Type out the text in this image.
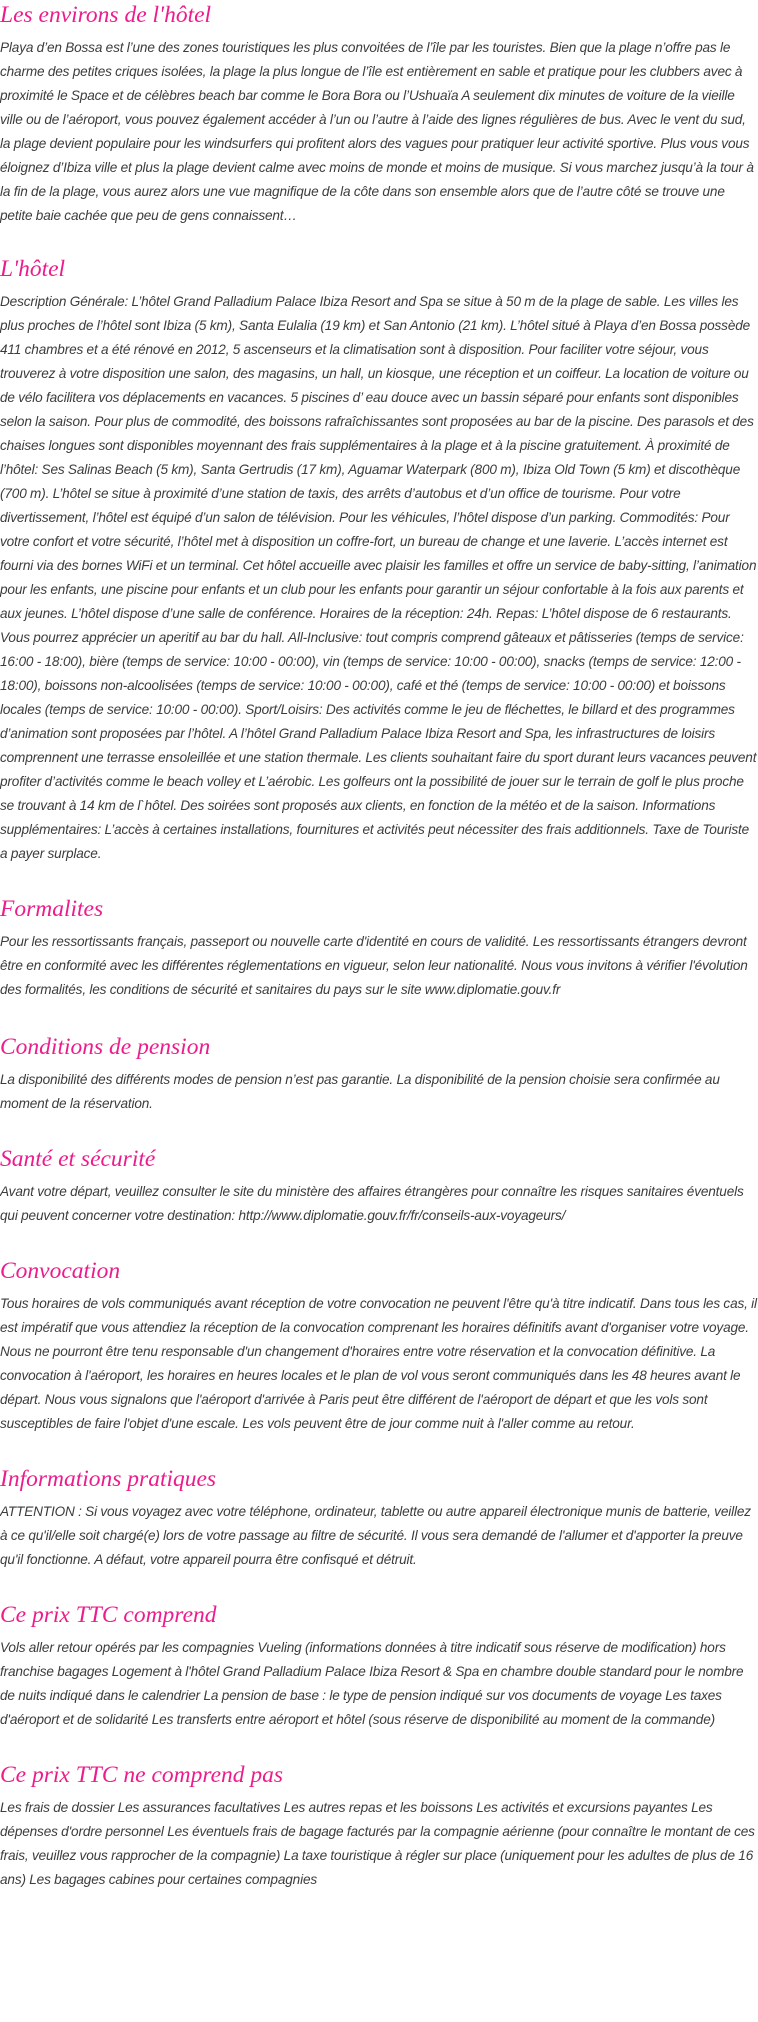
Les environs de l'hôtel

Playa d’en Bossa est l’une des zones touristiques les plus convoitées de l’île par les touristes. Bien que la plage n’offre pas le charme des petites criques isolées, la plage la plus longue de l’île est entièrement en sable et pratique pour les clubbers avec à proximité le Space et de célèbres beach bar comme le Bora Bora ou l’Ushuaïa A seulement dix minutes de voiture de la vieille ville ou de l’aéroport, vous pouvez également accéder à l’un ou l’autre à l’aide des lignes régulières de bus. Avec le vent du sud, la plage devient populaire pour les windsurfers qui profitent alors des vagues pour pratiquer leur activité sportive. Plus vous vous éloignez d’Ibiza ville et plus la plage devient calme avec moins de monde et moins de musique. Si vous marchez jusqu’à la tour à la fin de la plage, vous aurez alors une vue magnifique de la côte dans son ensemble alors que de l’autre côté se trouve une petite baie cachée que peu de gens connaissent…

L'hôtel

Description Générale: L’hôtel Grand Palladium Palace Ibiza Resort and Spa se situe à 50 m de la plage de sable. Les villes les plus proches de l’hôtel sont Ibiza (5 km), Santa Eulalia (19 km) et San Antonio (21 km). L’hôtel situé à Playa d’en Bossa possède 411 chambres et a été rénové en 2012, 5 ascenseurs et la climatisation sont à disposition. Pour faciliter votre séjour, vous trouverez à votre disposition une salon, des magasins, un hall, un kiosque, une réception et un coiffeur. La location de voiture ou de vélo facilitera vos déplacements en vacances. 5 piscines d’ eau douce avec un bassin séparé pour enfants sont disponibles selon la saison. Pour plus de commodité, des boissons rafraîchissantes sont proposées au bar de la piscine. Des parasols et des chaises longues sont disponibles moyennant des frais supplémentaires à la plage et à la piscine gratuitement. À proximité de l’hôtel: Ses Salinas Beach (5 km), Santa Gertrudis (17 km), Aguamar Waterpark (800 m), Ibiza Old Town (5 km) et discothèque (700 m). L’hôtel se situe à proximité d’une station de taxis, des arrêts d’autobus et d’un office de tourisme. Pour votre divertissement, l’hôtel est équipé d’un salon de télévision. Pour les véhicules, l’hôtel dispose d’un parking. Commodités: Pour votre confort et votre sécurité, l’hôtel met à disposition un coffre-fort, un bureau de change et une laverie. L’accès internet est fourni via des bornes WiFi et un terminal. Cet hôtel accueille avec plaisir les familles et offre un service de baby-sitting, l’animation pour les enfants, une piscine pour enfants et un club pour les enfants pour garantir un séjour confortable à la fois aux parents et aux jeunes. L’hôtel dispose d’une salle de conférence. Horaires de la réception: 24h. Repas: L’hôtel dispose de 6 restaurants. Vous pourrez apprécier un aperitif au bar du hall. All-Inclusive: tout compris comprend gâteaux et pâtisseries (temps de service: 16:00 - 18:00), bière (temps de service: 10:00 - 00:00), vin (temps de service: 10:00 - 00:00), snacks (temps de service: 12:00 - 18:00), boissons non-alcoolisées (temps de service: 10:00 - 00:00), café et thé (temps de service: 10:00 - 00:00) et boissons locales (temps de service: 10:00 - 00:00). Sport/Loisirs: Des activités comme le jeu de fléchettes, le billard et des programmes d’animation sont proposées par l’hôtel. A l’hôtel Grand Palladium Palace Ibiza Resort and Spa, les infrastructures de loisirs comprennent une terrasse ensoleillée et une station thermale. Les clients souhaitant faire du sport durant leurs vacances peuvent profiter d’activités comme le beach volley et L’aérobic. Les golfeurs ont la possibilité de jouer sur le terrain de golf le plus proche se trouvant à 14 km de l`hôtel. Des soirées sont proposés aux clients, en fonction de la météo et de la saison. Informations supplémentaires: L’accès à certaines installations, fournitures et activités peut nécessiter des frais additionnels. Taxe de Touriste a payer surplace.

Formalites

Pour les ressortissants français, passeport ou nouvelle carte d'identité en cours de validité. Les ressortissants étrangers devront être en conformité avec les différentes réglementations en vigueur, selon leur nationalité. Nous vous invitons à vérifier l'évolution des formalités, les conditions de sécurité et sanitaires du pays sur le site www.diplomatie.gouv.fr

Conditions de pension

La disponibilité des différents modes de pension n’est pas garantie. La disponibilité de la pension choisie sera confirmée au moment de la réservation.

Santé et sécurité

Avant votre départ, veuillez consulter le site du ministère des affaires étrangères pour connaître les risques sanitaires éventuels qui peuvent concerner votre destination: http://www.diplomatie.gouv.fr/fr/conseils-aux-voyageurs/

Convocation

Tous horaires de vols communiqués avant réception de votre convocation ne peuvent l'être qu'à titre indicatif. Dans tous les cas, il est impératif que vous attendiez la réception de la convocation comprenant les horaires définitifs avant d'organiser votre voyage. Nous ne pourront être tenu responsable d'un changement d'horaires entre votre réservation et la convocation définitive. La convocation à l'aéroport, les horaires en heures locales et le plan de vol vous seront communiqués dans les 48 heures avant le départ. Nous vous signalons que l'aéroport d'arrivée à Paris peut être différent de l'aéroport de départ et que les vols sont susceptibles de faire l'objet d'une escale. Les vols peuvent être de jour comme nuit à l'aller comme au retour.

Informations pratiques

ATTENTION : Si vous voyagez avec votre téléphone, ordinateur, tablette ou autre appareil électronique munis de batterie, veillez à ce qu'il/elle soit chargé(e) lors de votre passage au filtre de sécurité. Il vous sera demandé de l'allumer et d'apporter la preuve qu'il fonctionne. A défaut, votre appareil pourra être confisqué et détruit.

Ce prix TTC comprend

Vols aller retour opérés par les compagnies Vueling (informations données à titre indicatif sous réserve de modification) hors franchise bagages Logement à l'hôtel Grand Palladium Palace Ibiza Resort & Spa en chambre double standard pour le nombre de nuits indiqué dans le calendrier La pension de base : le type de pension indiqué sur vos documents de voyage Les taxes d'aéroport et de solidarité Les transferts entre aéroport et hôtel (sous réserve de disponibilité au moment de la commande)

Ce prix TTC ne comprend pas

Les frais de dossier Les assurances facultatives Les autres repas et les boissons Les activités et excursions payantes Les dépenses d'ordre personnel Les éventuels frais de bagage facturés par la compagnie aérienne (pour connaître le montant de ces frais, veuillez vous rapprocher de la compagnie) La taxe touristique à régler sur place (uniquement pour les adultes de plus de 16 ans) Les bagages cabines pour certaines compagnies
